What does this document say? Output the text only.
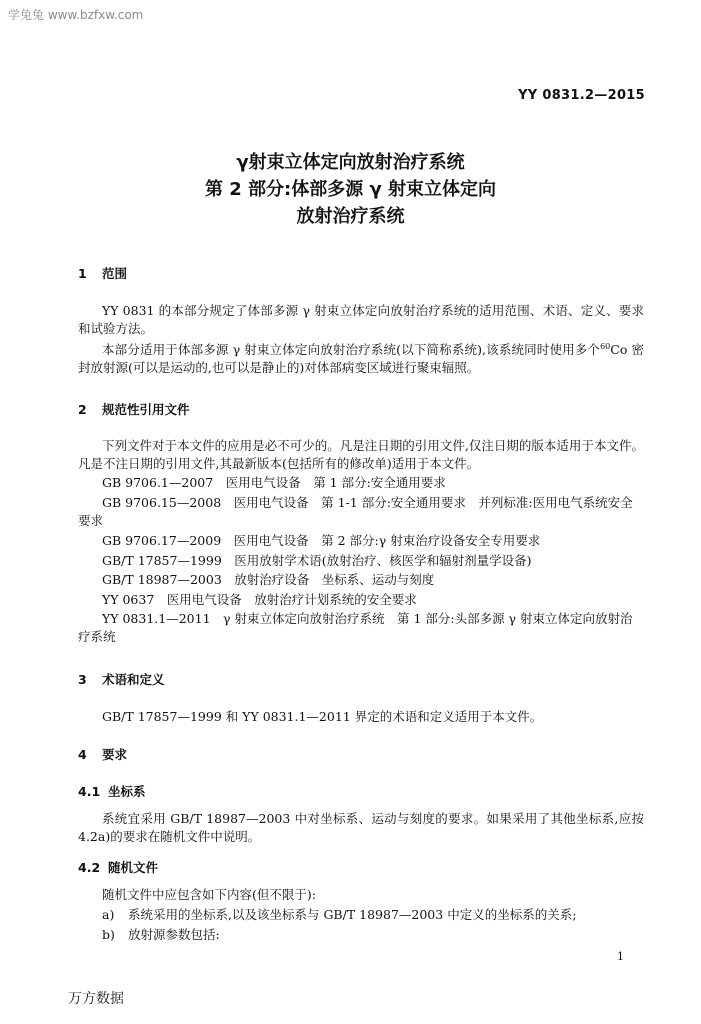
学兔兔 www.bzfxw.com
YY 0831.2—2015
γ射束立体定向放射治疗系统
第 2 部分:体部多源 γ 射束立体定向
放射治疗系统
1 范围
YY 0831 的本部分规定了体部多源 γ 射束立体定向放射治疗系统的适用范围、术语、定义、要求和试验方法。
本部分适用于体部多源 γ 射束立体定向放射治疗系统(以下简称系统),该系统同时使用多个$^{60}$Co 密封放射源(可以是运动的,也可以是静止的)对体部病变区域进行聚束辐照。
2 规范性引用文件
下列文件对于本文件的应用是必不可少的。凡是注日期的引用文件,仅注日期的版本适用于本文件。凡是不注日期的引用文件,其最新版本(包括所有的修改单)适用于本文件。
GB 9706.1—2007　医用电气设备　第 1 部分:安全通用要求
GB 9706.15—2008　医用电气设备　第 1-1 部分:安全通用要求　并列标准:医用电气系统安全要求
GB 9706.17—2009　医用电气设备　第 2 部分:γ 射束治疗设备安全专用要求
GB/T 17857—1999　医用放射学术语(放射治疗、核医学和辐射剂量学设备)
GB/T 18987—2003　放射治疗设备　坐标系、运动与刻度
YY 0637　医用电气设备　放射治疗计划系统的安全要求
YY 0831.1—2011　γ 射束立体定向放射治疗系统　第 1 部分:头部多源 γ 射束立体定向放射治疗系统
3 术语和定义
GB/T 17857—1999 和 YY 0831.1—2011 界定的术语和定义适用于本文件。
4 要求
4.1 坐标系
系统宜采用 GB/T 18987—2003 中对坐标系、运动与刻度的要求。如果采用了其他坐标系,应按 4.2a)的要求在随机文件中说明。
4.2 随机文件
随机文件中应包含如下内容(但不限于):
a) 系统采用的坐标系,以及该坐标系与 GB/T 18987—2003 中定义的坐标系的关系;
b) 放射源参数包括:
1
万方数据
